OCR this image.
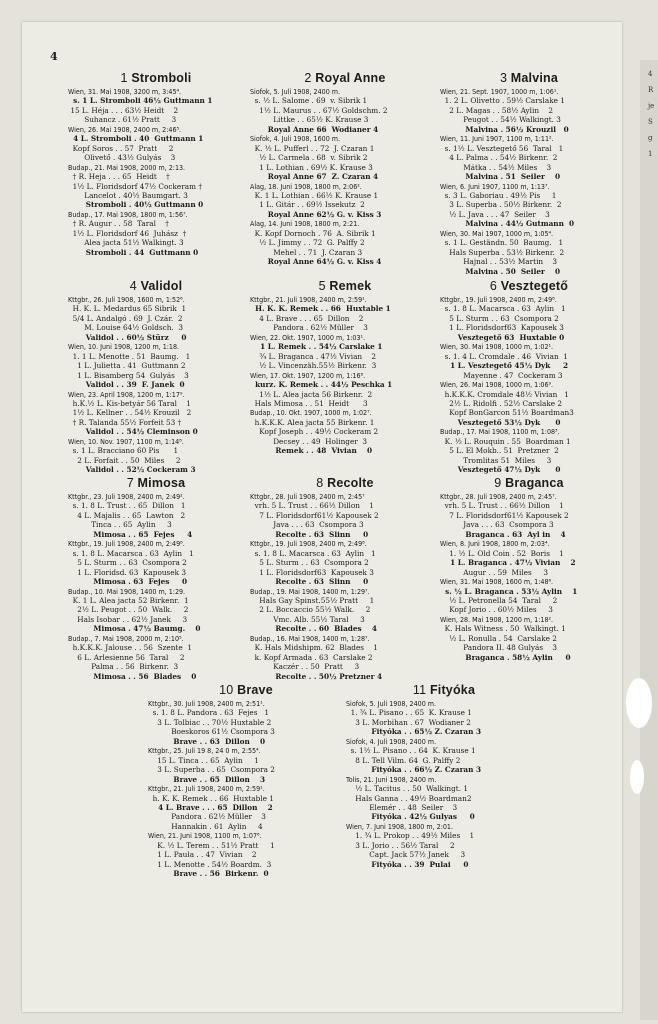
4
1 Stromboli
Wien, 31. Mai 1908, 3200 m, 3:45⁴.
s. 1 L. Stromboli 46½ Guttmann 1
15 L. Héja . . . 63½ Heidt    2
Suhancz . 61½ Pratt     3
Wien, 26. Mai 1908, 2400 m, 2:46⁵.
4 L. Stromboli . 40  Guttmann 1
Kopf Soros . . 57  Pratt     2
Olivető . 43½ Gulyás    3
Budap., 21. Mai 1908, 2000 m, 2:13.
† R. Heja . . . 65  Heidt    †
1½ L. Floridsdorf 47½ Cockeram †
Lancelot . 40½ Baumgart. 3
Stromboli . 40½ Guttmann 0
Budap., 17. Mai 1908, 1800 m, 1:56⁷.
† R. Augur . . 58  Taral    †
1½ L. Floridsdorf 46  Juhász  †
Alea jacta 51½ Walkingt. 3
Stromboli . 44  Guttmann 0
2 Royal Anne
Siofok, 5. Juli 1908, 2400 m.
s. ½ L. Salome . 69  v. Sibrik 1
1½ L. Maurus . . 67½ Goldschm. 2
Littke . . 65½ K. Krause 3
Royal Anne 66  Wodianer 4
Siofok, 4. Juli 1908, 1600 m.
K. ½ L. Pufferl . . 72  J. Czaran 1
½ L. Carmela . 68  v. Sibrik 2
1 L. Lothian . 69½ K. Krause 3
Royal Anne 67  Z. Czaran 4
Alag, 18. Juni 1908, 1800 m, 2:06².
K. 1 L. Lothian . 66½ K. Krause 1
1 L. Gitár . . 69½ Issekutz  2
Royal Anne 62½ G. v. Kiss 3
Alag, 14. Juni 1908, 1800 m, 2:21.
K. Kopf Dornoch . 76  A. Sibrik 1
½ L. Jimmy . . 72  G. Palffy 2
Mehel . . 71  J. Czaran 3
Royal Anne 64½ G. v. Kiss 4
3 Malvina
Wien, 21. Sept. 1907, 1000 m, 1:06¹.
1. 2 L. Olivetto . 59½ Carslake 1
2 L. Magas . . 58½ Aylin    2
Peugot . . 54½ Walkingt. 3
Malvina . 56½ Krouzil   0
Wien, 11. Juni 1907, 1100 m, 1:11².
s. 1½ L. Vesztegető 56  Taral   1
4 L. Palma . . 54½ Birkenr.  2
Mátka . . 54½ Miles    3
Malvina . 51  Seiler    0
Wien, 6. Juni 1907, 1100 m, 1:13⁷.
s. 3 L. Gaboriau . 49½ Pis     1
3 L. Superba . 50½ Birkenr.  2
½ L. Java . . . 47  Seiler    3
Malvina . 44½ Gutmann  0
Wien, 30. Mai 1907, 1000 m, 1:05⁴.
s. 1 L. Geständn. 50  Baumg.   1
Hals Superba . 53½ Birkenr.  2
Hajnal . . 53½ Martin    3
Malvina . 50  Seiler    0
4 Validol
Kttgbr., 26. Juli 1908, 1600 m, 1:52⁶.
H. K. L. Medardus 65 Sibrik  1
5/4 L. Andalgó . 69  J. Czár.  2
M. Louise 64½ Goldsch.  3
Validol . . 60½ Stürz     0
Wien, 10. Juni 1908, 1200 m, 1:18.
1. 1 L. Menotte . 51  Baumg.   1
1 L. Julietta . 41  Guttmann 2
1 L. Bisamberg 54  Gulyás    3
Validol . . 39  F. Janek  0
Wien, 23. April 1908, 1200 m, 1:17⁹.
h.K.½ L. Kis-betyár 56 Taral    1
1½ L. Kellner . . 54½ Krouzil   2
† R. Talanda 55½ Forfeit 53 †
Validol . . 54½ Cleminson 0
Wien, 10. Nov. 1907, 1100 m, 1:14⁸.
s. 1 L. Bracciano 60 Pis      1
2 L. Forfait . . 50  Miles     2
Validol . . 52½ Cockeram 3
5 Remek
Kttgbr., 21. Juli 1908, 2400 m, 2:59¹.
H. K. K. Remek . . 66  Huxtable 1
4 L. Brave . . . 65  Dillon    2
Pandora . 62½ Müller    3
Wien, 22. Okt. 1907, 1000 m, 1:03¹.
1 L. Remek . . 54½ Carslake 1
¾ L. Braganca . 47½ Vivian    2
½ L. Vincenzäh.55½ Birkenr.  3
Wien, 17. Okt. 1907, 1200 m, 1:16⁸.
kurz. K. Remek . . 44½ Peschka 1
1½ L. Alea jacta 56 Birkenr.  2
Hals Mimosa . . 51  Heidt      3
Budap., 10. Okt. 1907, 1000 m, 1:02⁷.
h.K.K.K. Alea jacta 55 Birkenr. 1
Kopf Joseph . . 49½ Cockeram 2
Decsey . . 49  Holinger  3
Remek . . 48  Vivian    0
6 Vesztegető
Kttgbr., 19. Juli 1908, 2400 m, 2:49⁸.
s. 1. 8 L. Macarsca . 63  Aylin   1
5 L. Sturm . . 63  Csompora 2
1 L. Floridsdorf63  Kapousek 3
Vesztegető 63  Huxtable 0
Wien, 30. Mai 1908, 1000 m, 1:02¹.
s. 1. 4 L. Cromdale . 46  Vivian  1
1 L. Vesztegető 45½ Dyk     2
Mayenne . 47  Cockeram 3
Wien, 26. Mai 1908, 1000 m, 1:06⁹.
h.K.K.K. Cromdale 48½ Vivian   1
2½ L. Ridolfi . 52½ Carslake 2
Kopf BonGarcon 51½ Boardman3
Vesztegető 53½ Dyk      0
Budap., 17. Mai 1908, 1100 m, 1:08³.
K. ½ L. Rouquin . 55  Boardman 1
5 L. El Mokb.. 51  Pretzner  2
Tromlitas 51  Miles     3
Vesztegető 47½ Dyk      0
7 Mimosa
Kttgbr., 23. Juli 1908, 2400 m, 2:49².
s. 1. 8 L. Trust . . 65  Dillon   1
4 L. Majalis . . 65  Lawton   2
Tinca . . 65  Aylin     3
Mimosa . . 65  Fejes     4
Kttgbr., 19. Juli 1908, 2400 m, 2:49⁸.
s. 1. 8 L. Macarsca . 63  Aylin   1
5 L. Sturm . . 63  Csompora 2
1 L. Floridsd. 63  Kapousek 3
Mimosa . 63  Fejes     0
Budap., 10. Mai 1908, 1400 m, 1:29.
K. 1 L. Alea jacta 52 Birkenr.  1
2½ L. Peugot . . 50  Walk.     2
Hals Isobar . . 62½ Janek     3
Mimosa . 47½ Baumg.    0
Budap., 7. Mai 1908, 2000 m, 2:10⁵.
h.K.K.K. Jalouse . . 56  Szente  1
6 L. Arlesienne 56  Taral     2
Palma . . 56  Birkenr.  3
Mimosa . . 56  Blades    0
8 Recolte
Kttgbr., 28. Juli 1908, 2400 m, 2:45⁷
vrh. 5 L. Trust . . 66½ Dillon    1
7 L. Floridsdorf61½ Kapousek 2
Java . . . 63  Csompora 3
Recolte . 63  Slinn     0
Kttgbr., 19. Juli 1908, 2400 m, 2:49⁸.
s. 1. 8 L. Macarsca . 63  Aylin   1
5 L. Sturm . . 63  Csompora 2
1 L. Floridsdorf63  Kapousek 3
Recolte . 63  Slinn     0
Budap., 19. Mai 1908, 1400 m, 1:29⁷.
Hals Gay Spinst.55½ Pratt     1
2 L. Boccaccio 55½ Walk.     2
Vmc. Alb. 55½ Taral     3
Recolte . . 60  Blades    4
Budap., 16. Mai 1908, 1400 m, 1:28⁷.
K. Hals Midshipm. 62  Blades    1
k. Kopf Armada . 63  Carslake 2
Kaczér . . 50  Pratt     3
Recolte . . 50½ Pretzner 4
9 Braganca
Kttgbr., 28. Juli 1908, 2400 m, 2:45⁷.
vrh. 5 L. Trust . . 66½ Dillon    1
7 L. Floridsdorf61½ Kapousek 2
Java . . . 63  Csompora 3
Braganca . 63  Ayl in    4
Wien, 8. Juni 1908, 1800 m, 2:03⁴.
1. ½ L. Old Coin . 52  Boris    1
1 L. Braganca . 47½ Vivian    2
Augur . . 59  Miles     3
Wien, 31. Mai 1908, 1600 m, 1:48⁶.
s. ½ L. Braganca . 53½ Aylin    1
½ L. Petronella 54  Taral     2
Kopf Jorio . . 60½ Miles     3
Wien, 28. Mai 1908, 1200 m, 1:18².
K. Hals Witness . 50  Walkingt. 1
½ L. Ronulla . 54  Carslake 2
Pandora II. 48 Gulyás    3
Braganca . 58½ Aylin     0
10 Brave
Kttgbr., 30. Juli 1908, 2400 m, 2:51¹.
s. 1. 8 L. Pandora . 63  Fejes   1
3 L. Tolbiac . . 70½ Huxtable 2
Boeskoros 61½ Csompora 3
Brave . . 63  Dillon    0
Kttgbr., 25. Juli 19 8, 24 0 m, 2:55⁴.
15 L. Tinca . . 65  Aylin     1
3 L. Superba . . 65  Csompora 2
Brave . . 65  Dillon    3
Kttgbr., 21. Juli 1908, 2400 m, 2:59¹.
h. K. K. Remek . . 66  Huxtable 1
4 L. Brave . . . 65  Dillon    2
Pandora . 62½ Müller    3
Hannakin . 61  Aylin     4
Wien, 21. Juni 1908, 1100 m, 1:07⁶.
K. ½ L. Terem . . 51½ Pratt     1
1 L. Paula . . 47  Vivian    2
1 L. Menotte . 54½ Boardm.  3
Brave . . 56  Birkenr.  0
11 Fityóka
Siofok, 5. Juli 1908, 2400 m.
1. ¾ L. Pisano . . 65  K. Krause 1
3 L. Morbihan . 67  Wodianer 2
Fityóka . . 65½ Z. Czaran 3
Siofok, 4. Juli 1908, 2400 m.
s. 1½ L. Pisano . . 64  K. Krause 1
8 L. Tell Vilm. 64  G. Palffy 2
Fityóka . . 66½ Z. Czaran 3
Tolis, 21. Juni 1908, 2400 m.
½ L. Tacitus . . 50  Walkingt. 1
Hals Ganna . . 49½ Boardman2
Elemér . . 48  Seiler    3
Fityóka . 42½ Gulyas     0
Wien, 7. Juni 1908, 1800 m, 2:01.
1. ¾ L. Prokop . . 49½ Miles    1
3 L. Jorio . . 56½ Taral     2
Capt. Jack 57½ Janek     3
Fityóka . . 39  Pulai     0
4
R
je
S
g
1
